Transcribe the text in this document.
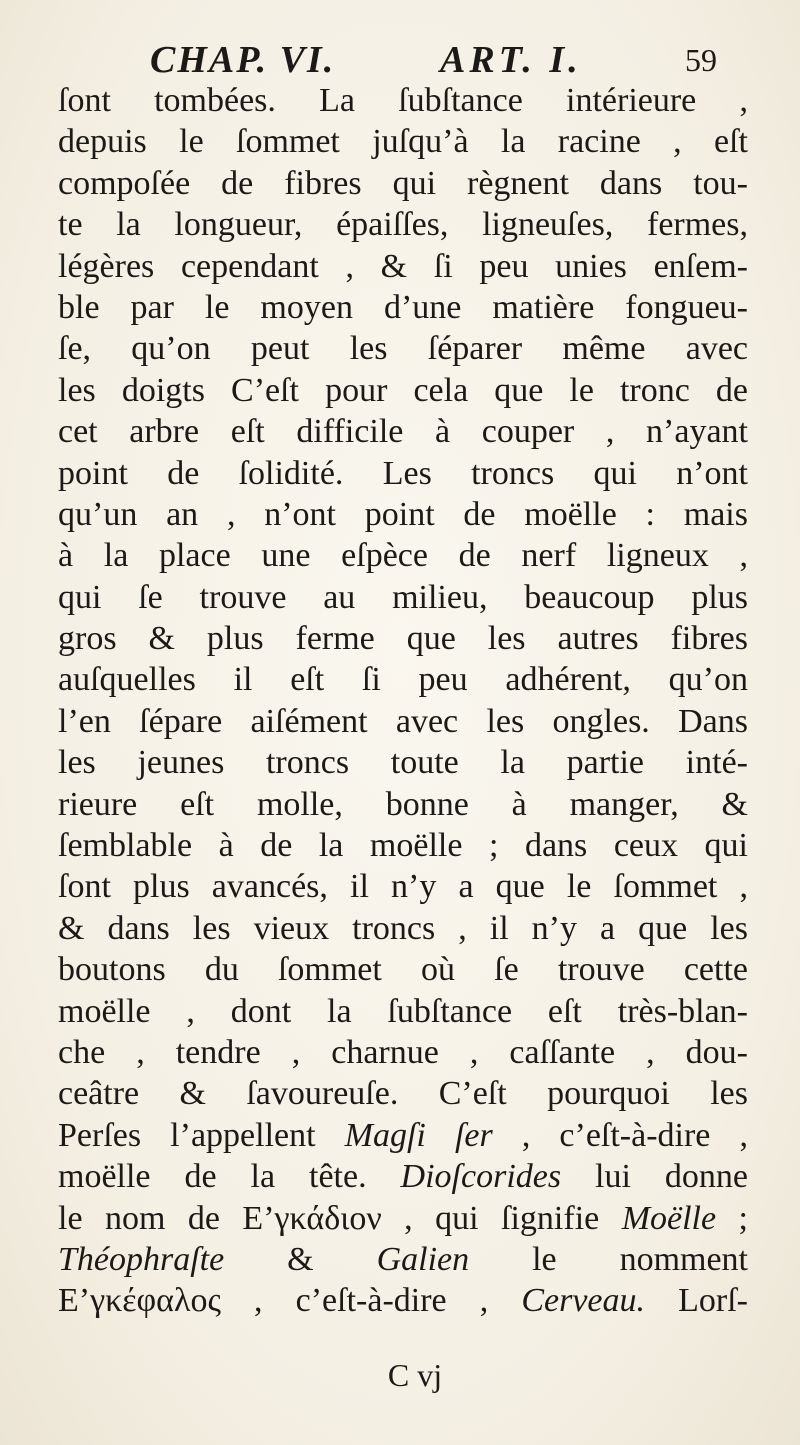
CHAP. VI.	ART. I.	59
ſont tombées. La ſubſtance intérieure ,
depuis le ſommet juſqu’à la racine , eſt
compoſée de fibres qui règnent dans tou-
te la longueur, épaiſſes, ligneuſes, fermes,
légères cependant , & ſi peu unies enſem-
ble par le moyen d’une matière fongueu-
ſe, qu’on peut les ſéparer même avec
les doigts C’eſt pour cela que le tronc de
cet arbre eſt difficile à couper , n’ayant
point de ſolidité. Les troncs qui n’ont
qu’un an , n’ont point de moëlle : mais
à la place une eſpèce de nerf ligneux ,
qui ſe trouve au milieu, beaucoup plus
gros & plus ferme que les autres fibres
auſquelles il eſt ſi peu adhérent, qu’on
l’en ſépare aiſément avec les ongles. Dans
les jeunes troncs toute la partie inté-
rieure eſt molle, bonne à manger, &
ſemblable à de la moëlle ; dans ceux qui
ſont plus avancés, il n’y a que le ſommet ,
& dans les vieux troncs , il n’y a que les
boutons du ſommet où ſe trouve cette
moëlle , dont la ſubſtance eſt très-blan-
che , tendre , charnue , caſſante , dou-
ceâtre & ſavoureuſe. C’eſt pourquoi les
Perſes l’appellent Magſi ſer , c’eſt-à-dire ,
moëlle de la tête. Dioſcorides lui donne
le nom de Ε’γκάδιον , qui ſignifie Moëlle ;
Théophraſte & Galien le nomment
Ε’γκέφαλος , c’eſt-à-dire , Cerveau. Lorſ-
C vj
